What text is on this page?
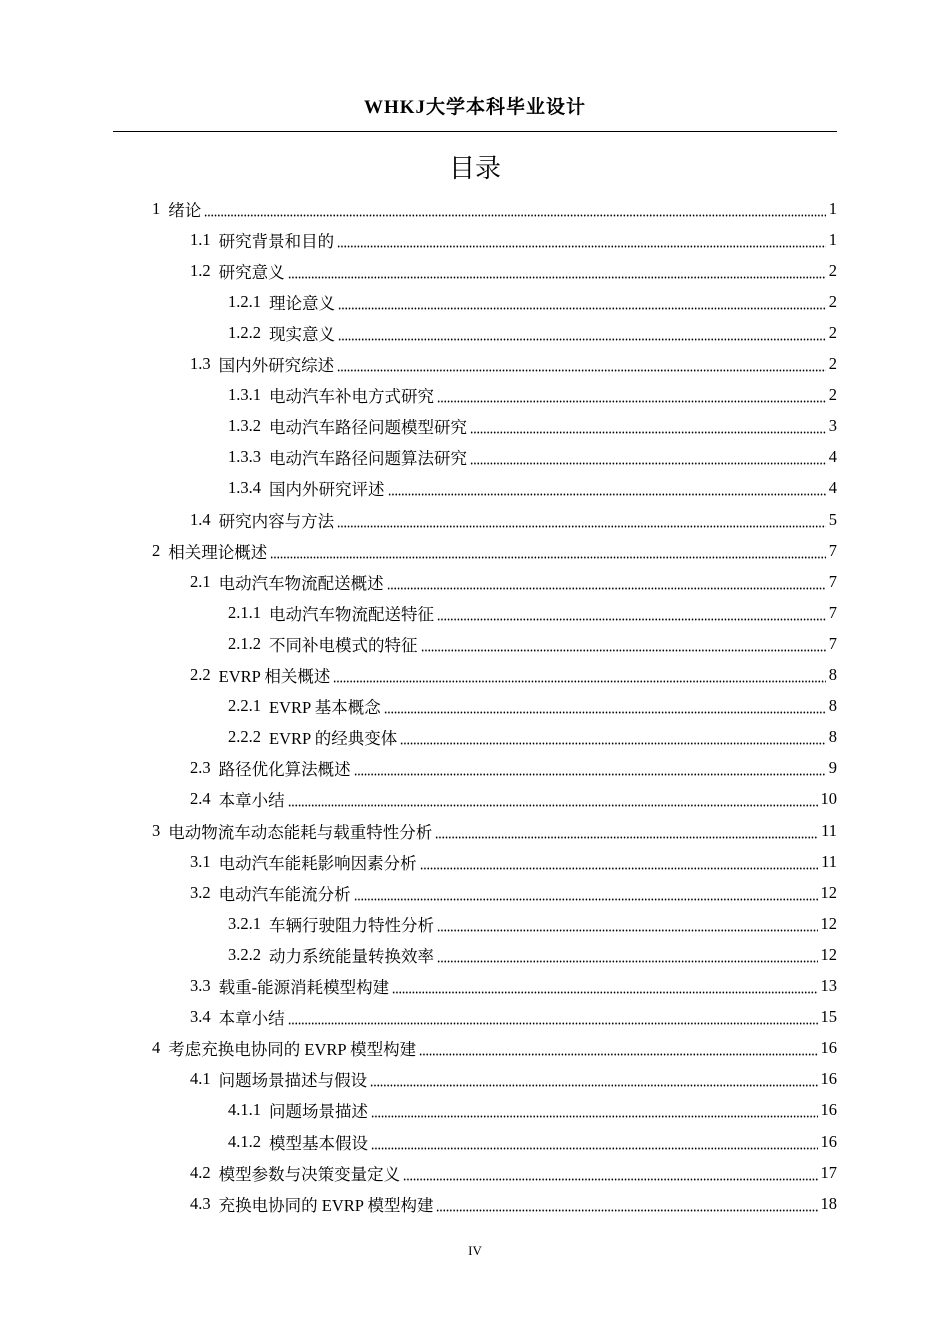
WHKJ大学本科毕业设计
目录
1 绪论	1
1.1 研究背景和目的	1
1.2 研究意义	2
1.2.1 理论意义	2
1.2.2 现实意义	2
1.3 国内外研究综述	2
1.3.1 电动汽车补电方式研究	2
1.3.2 电动汽车路径问题模型研究	3
1.3.3 电动汽车路径问题算法研究	4
1.3.4 国内外研究评述	4
1.4 研究内容与方法	5
2 相关理论概述	7
2.1 电动汽车物流配送概述	7
2.1.1 电动汽车物流配送特征	7
2.1.2 不同补电模式的特征	7
2.2 EVRP 相关概述	8
2.2.1 EVRP 基本概念	8
2.2.2 EVRP 的经典变体	8
2.3 路径优化算法概述	9
2.4 本章小结	10
3 电动物流车动态能耗与载重特性分析	11
3.1 电动汽车能耗影响因素分析	11
3.2 电动汽车能流分析	12
3.2.1 车辆行驶阻力特性分析	12
3.2.2 动力系统能量转换效率	12
3.3 载重-能源消耗模型构建	13
3.4 本章小结	15
4 考虑充换电协同的 EVRP 模型构建	16
4.1 问题场景描述与假设	16
4.1.1 问题场景描述	16
4.1.2 模型基本假设	16
4.2 模型参数与决策变量定义	17
4.3 充换电协同的 EVRP 模型构建	18
IV
